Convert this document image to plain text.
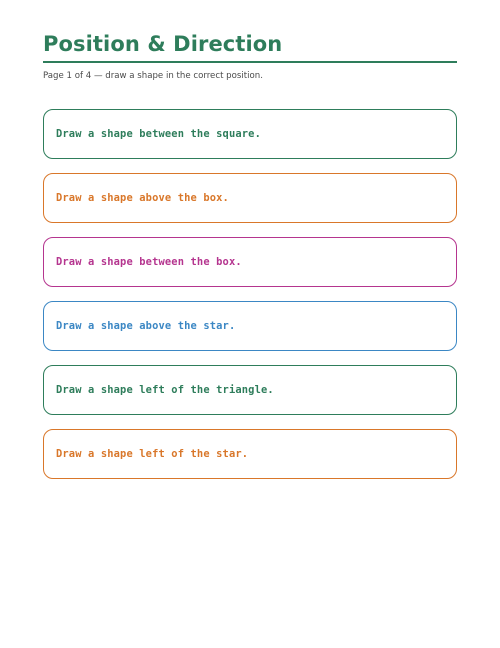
Position & Direction
Page 1 of 4 — draw a shape in the correct position.
Draw a shape between the square.
Draw a shape above the box.
Draw a shape between the box.
Draw a shape above the star.
Draw a shape left of the triangle.
Draw a shape left of the star.
